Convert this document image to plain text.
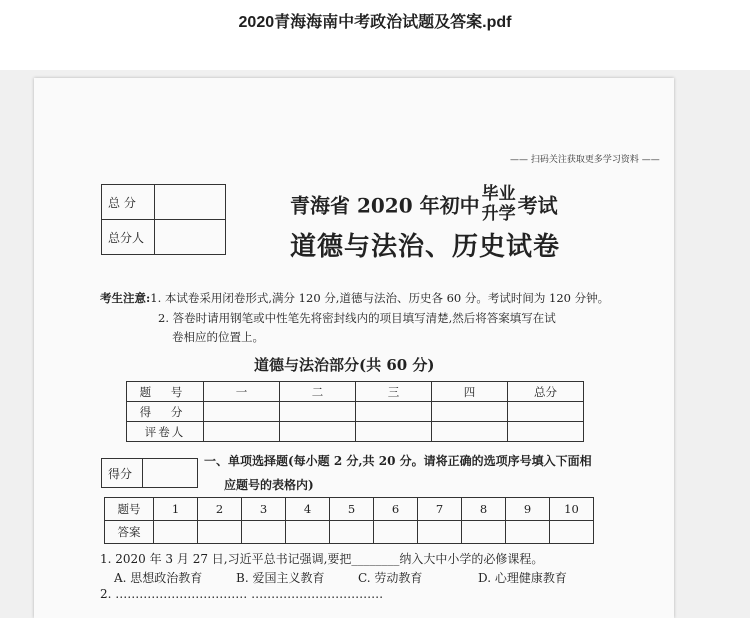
2020青海海南中考政治试题及答案.pdf
—— 扫码关注获取更多学习资料 ——
总 分	
总分人	
青海省 2020 年初中 毕业
升学 考试
道德与法治、历史试卷
考生注意:1. 本试卷采用闭卷形式,满分 120 分,道德与法治、历史各 60 分。考试时间为 120 分钟。
2. 答卷时请用钢笔或中性笔先将密封线内的项目填写清楚,然后将答案填写在试
卷相应的位置上。
道德与法治部分(共 60 分)
题 号	一	二	三	四	总分
得 分					
评卷人					
得分	
一、单项选择题(每小题 2 分,共 20 分。请将正确的选项序号填入下面相
应题号的表格内)
题号	1	2	3	4	5	6	7	8	9	10
答案										
1. 2020 年 3 月 27 日,习近平总书记强调,要把________纳入大中小学的必修课程。
A. 思想政治教育	B. 爱国主义教育	C. 劳动教育	D. 心理健康教育
2. …………………………… ……………………………
